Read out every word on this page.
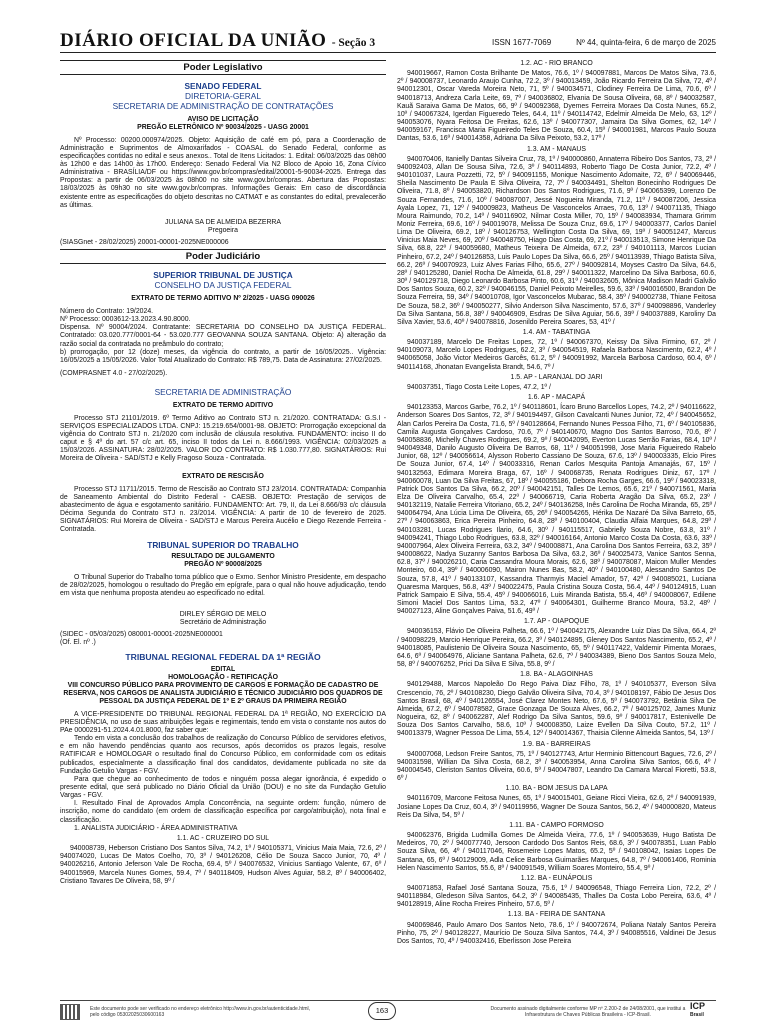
DIÁRIO OFICIAL DA UNIÃO - Seção 3	ISSN 1677-7069	Nº 44, quinta-feira, 6 de março de 2025
Poder Legislativo
SENADO FEDERAL
DIRETORIA-GERAL
SECRETARIA DE ADMINISTRAÇÃO DE CONTRATAÇÕES
AVISO DE LICITAÇÃO
PREGÃO ELETRÔNICO Nº 90034/2025 - UASG 20001

Nº Processo: 00200.000974/2025. Objeto: Aquisição de café em pó, para a Coordenação de Administração e Suprimentos de Almoxarifados - COASAL do Senado Federal, conforme as especificações contidas no edital e seus anexos.. Total de Itens Licitados: 1. Edital: 06/03/2025 das 08h00 às 12h00 e das 14h00 às 17h00. Endereço: Senado Federal Via N2 Bloco de Apoio 16, Zona Cívico Administrativa - BRASÍLIA/DF ou https://www.gov.br/compras/edital/20001-5-90034-2025. Entrega das Propostas: a partir de 06/03/2025 às 08h00 no site www.gov.br/compras. Abertura das Propostas: 18/03/2025 às 09h30 no site www.gov.br/compras. Informações Gerais: Em caso de discordância existente entre as especificações do objeto descritas no CATMAT e as constantes do edital, prevalecerão as últimas.

JULIANA SA DE ALMEIDA BEZERRA
Pregoeira

(SIASGnet - 28/02/2025) 20001-00001-2025NE000006

Poder Judiciário
SUPERIOR TRIBUNAL DE JUSTIÇA
CONSELHO DA JUSTIÇA FEDERAL
EXTRATO DE TERMO ADITIVO Nº 2/2025 - UASG 090026

Número do Contrato: 19/2024.
Nº Processo: 0003612-13.2023.4.90.8000.
Dispensa. Nº 90004/2024. Contratante: SECRETARIA DO CONSELHO DA JUSTIÇA FEDERAL. Contratado: 03.020.777/0001-64 - 53.020.777 GEOVANNA SOUZA SANTANA. Objeto: A) alteração da razão social da contratada no preâmbulo do contrato;
b) prorrogação, por 12 (doze) meses, da vigência do contrato, a partir de 16/05/2025.. Vigência: 16/05/2025 a 15/05/2026. Valor Total Atualizado do Contrato: R$ 789,75. Data de Assinatura: 27/02/2025.

(COMPRASNET 4.0 - 27/02/2025).

SECRETARIA DE ADMINISTRAÇÃO
EXTRATO DE TERMO ADITIVO

Processo STJ 21101/2019. 6º Termo Aditivo ao Contrato STJ n. 21/2020. CONTRATADA: G.S.I - SERVIÇOS ESPECIALIZADOS LTDA. CNPJ: 15.219.654/0001-98. OBJETO: Prorrogação excepcional da vigência do Contrato STJ n. 21/2020 com inclusão de cláusula resolutiva. FUNDAMENTO: inciso II do caput e § 4º do art. 57 c/c art. 65, inciso II todos da Lei n. 8.666/1993. VIGÊNCIA: 02/03/2025 a 15/03/2026. ASSINATURA: 28/02/2025. VALOR DO CONTRATO: R$ 1.030.777,80. SIGNATÁRIOS: Rui Moreira de Oliveira - SAD/STJ e Kelly Fragoso Souza - Contratada.

EXTRATO DE RESCISÃO

Processo STJ 11711/2015. Termo de Rescisão ao Contrato STJ 23/2014. CONTRATADA: Companhia de Saneamento Ambiental do Distrito Federal - CAESB. OBJETO: Prestação de serviços de abastecimento de água e esgotamento sanitário. FUNDAMENTO: Art. 79, II, da Lei 8.666/93 c/c cláusula Décima Segunda do Contrato STJ n. 23/2014. VIGÊNCIA: A partir de 10 de fevereiro de 2025. SIGNATÁRIOS: Rui Moreira de Oliveira - SAD/STJ e Marcus Pereira Aucélio e Diego Rezende Ferreira - Contratada.

TRIBUNAL SUPERIOR DO TRABALHO
RESULTADO DE JULGAMENTO
PREGÃO Nº 90008/2025

O Tribunal Superior do Trabalho torna público que o Exmo. Senhor Ministro Presidente, em despacho de 28/02/2025, homologou o resultado do Pregão em epígrafe, para o qual não houve adjudicação, tendo em vista que nenhuma proposta atendeu ao especificado no edital.

DIRLEY SÉRGIO DE MELO
Secretário de Administração

(SIDEC - 05/03/2025) 080001-00001-2025NE000001
(Of. El. nº .)

TRIBUNAL REGIONAL FEDERAL DA 1ª REGIÃO
EDITAL
HOMOLOGAÇÃO - RETIFICAÇÃO
VIII CONCURSO PÚBLICO PARA PROVIMENTO DE CARGOS E FORMAÇÃO DE CADASTRO DE RESERVA, NOS CARGOS DE ANALISTA JUDICIÁRIO E TÉCNICO JUDICIÁRIO DOS QUADROS DE PESSOAL DA JUSTIÇA FEDERAL DE 1º E 2º GRAUS DA PRIMEIRA REGIÃO

A VICE-PRESIDENTE DO TRIBUNAL REGIONAL FEDERAL DA 1ª REGIÃO, NO EXERCÍCIO DA PRESIDÊNCIA, no uso de suas atribuições legais e regimentais, tendo em vista o constante nos autos do PAe 0000291-51.2024.4.01.8000, faz saber que:

Tendo em vista a conclusão dos trabalhos de realização do Concurso Público de servidores efetivos, e em não havendo pendências quanto aos recursos, após decorridos os prazos legais, resolve RATIFICAR e HOMOLOGAR o resultado final do Concurso Público, em conformidade com os editais publicados, especialmente a classificação final dos candidatos, devidamente publicada no site da Fundação Getulio Vargas - FGV.

Para que chegue ao conhecimento de todos e ninguém possa alegar ignorância, é expedido o presente edital, que será publicado no Diário Oficial da União (DOU) e no site da Fundação Getulio Vargas - FGV.

I. Resultado Final de Aprovados Ampla Concorrência, na seguinte ordem: função, número de inscrição, nome do candidato (em ordem de classificação específica por cargo/atribuição), nota final e classificação.

1. ANALISTA JUDICIÁRIO - ÁREA ADMINISTRATIVA

1.1. AC - CRUZEIRO DO SUL

940008739, Heberson Cristiano Dos Santos Silva, 74.2, 1º / 940105371, Vinicius Maia Maia, 72.6, 2º / 940074020, Lucas De Matos Coelho, 70, 3º / 940126208, Célio De Souza Sacco Junior, 70, 4º / 940026216, Antonio Jeferson Vale De Rocha, 69.4, 5º / 940076532, Vinicius Santiago Valente, 67, 6º / 940015969, Marcela Nunes Gomes, 59.4, 7º / 940118409, Hudson Alves Aguiar, 58.2, 8º / 940006402, Cristiano Tavares De Oliveira, 58, 9º /

1.2. AC - RIO BRANCO

940019667, Ramon Costa Brilhante De Matos, 76.6, 1º / 940097881, Marcos De Matos Silva, 73.6, 2º / 940008737, Leonardo Araujo Cunha, 72.2, 3º / 940013459, João Ricardo Ferreira Da Silva, 72, 4º / 940012301, Oscar Vareda Moreira Neto, 71, 5º / 940034571, Clodiney Ferreira De Lima, 70.6, 6º / 940018713, Andreza Carla Leite, 69, 7º / 940036802, Elvania De Sousa Oliveira, 68, 8º / 940032587, Kauã Saraiva Gama De Matos, 66, 9º / 940092368, Dyemes Ferreira Moraes Da Costa Nunes, 65.2, 10º / 940067324, Igerdan Figueredo Teles, 64.4, 11º / 940114742, Edelmir Almeida De Melo, 63, 12º / 940053076, Nyara Feitosa De Freitas, 62.6, 13º / 940077307, Jamaira Da Silva Gomes, 62, 14º / 940059167, Francisca Maria Figueiredo Teles De Souza, 60.4, 15º / 940001981, Marcos Paulo Souza Dantas, 53.6, 16º / 940014358, Adriana Da Silva Peixoto, 53.2, 17º /

1.3. AM - MANAUS

940070406, Itanielly Dantas Silveira Cruz, 78, 1º / 940000860, Annaterra Ribeiro Dos Santos, 73, 2º / 940092403, Allan De Sousa Silva, 72.6, 3º / 940114893, Roberto Tiago De Costa Junior, 72.2, 4º / 940101037, Laura Pozzetti, 72, 5º / 940091155, Monique Nascimento Adomaite, 72, 6º / 940069446, Sheila Nascimento De Paula E Silva Oliveira, 72, 7º / 940034491, Shelton Bonecinho Rodrigues De Oliveira, 71.8, 8º / 940053820, Richardson Dos Santos Rodrigues, 71.6, 9º / 940065399, Lorenzo De Souza Fernandes, 71.6, 10º / 940087007, Jessé Nogueira Miranda, 71.2, 11º / 940087206, Jessica Ayala Lopez, 71, 12º / 940009823, Matheus De Vasconcelos Arraes, 70.6, 13º / 940071135, Thiago Moura Raimundo, 70.2, 14º / 940116902, Nilmar Costa Miller, 70, 15º / 940083934, Thamara Grimm Moniz Ferreira, 69.6, 16º / 940019078, Melissa De Souza Cruz, 69.6, 17º / 940003377, Carlos Daniel Lima De Oliveira, 69.2, 18º / 940126753, Wellington Costa Da Silva, 69, 19º / 940051247, Marcus Vinicius Maia Neves, 69, 20º / 940048750, Hiago Dias Costa, 69, 21º / 940013513, Simone Henrique Da Silva, 68.8, 22º / 940059680, Matheus Teixeira De Almeida, 67.2, 23º / 940101113, Marcos Lucian Pinheiro, 67.2, 24º / 940126853, Luis Paulo Lopes Da Silva, 66.6, 25º / 940113939, Thiago Batista Silva, 66.2, 26º / 940070923, Luiz Alves Farias Filho, 65.6, 27º / 940092814, Moyses Castro Da Silva, 64.6, 28º / 940125280, Daniel Rocha De Almeida, 61.8, 29º / 940011322, Marcelino Da Silva Barbosa, 60.6, 30º / 940129718, Diego Leonardo Barbosa Pinto, 60.6, 31º / 940032605, Mônica Madison Madri Galvão Dos Santos Souza, 60.2, 32º / 940046155, Daniel Peixoto Meirelles, 59.6, 33º / 940016500, Brandon De Souza Ferreira, 59, 34º / 940010708, Igor Vasconcelos Mubarac, 58.4, 35º / 940002738, Thiane Feitosa De Souza, 58.2, 36º / 940050277, Silvio Anderson Silva Nascimento, 57.6, 37º / 940098896, Vanderley Da Silva Santana, 56.8, 38º / 940046909, Esdras De Silva Aguiar, 56.6, 39º / 940037889, Karoliny Da Silva Xavier, 53.6, 40º / 940078816, Josenildo Pereira Soares, 53, 41º /

1.4. AM - TABATINGA

940037189, Marcelo De Freitas Lopes, 72, 1º / 940067370, Keissy Da Silva Firmino, 67, 2º / 940109073, Marcelo Lopes Rodrigues, 62.2, 3º / 940054519, Rafaela Barbosa Nascimento, 62.2, 4º / 940065058, João Victor Medeiros Garcês, 61.2, 5º / 940091992, Marcela Barbosa Cardoso, 60.4, 6º / 940114168, Jhonatan Evangelista Brandt, 54.6, 7º /

1.5. AP - LARANJAL DO JARI

940037351, Tiago Costa Leite Lopes, 47.2, 1º /

1.6. AP - MACAPÁ

940123353, Marcos Garbe, 76.2, 1º / 940118601, Ícaro Bruno Barcellos Lopes, 74.2, 2º / 940116622, Anderson Soares Dos Santos, 72, 3º / 940194497, Gilson Cavalcanti Nunes Junior, 72, 4º / 940045652, Alan Carlos Pereira Da Costa, 71.6, 5º / 940128664, Fernando Nunes Pessoa Filho, 71, 6º / 940105836, Camila Augusta Gonçalves Cardoso, 70.6, 7º / 940140670, Magno Dos Santos Barroso, 70.6, 8º / 940058836, Michelly Chaves Rodrigues, 69.2, 9º / 940042095, Everton Lucas Serrão Farias, 68.4, 10º / 940049348, Danilo Augusto Oliveira De Barros, 68, 11º / 940051998, Jose Maria Figueiredo Rabelo Junior, 68, 12º / 940056614, Alysson Roberto Cassiano De Souza, 67.6, 13º / 940003335, Elcio Pires De Souza Junior, 67.4, 14º / 940033316, Renan Carlos Mesquita Pantoja Amanajás, 67, 15º / 940132563, Edimara Moreira Braga, 67, 16º / 940068735, Renata Rodrigues Diniz, 67, 17º / 940060078, Luan Da Silva Freitas, 67, 18º / 940055186, Debora Rocha Garges, 66.6, 19º / 940023318, Patrick Dos Santos Da Silva, 66.2, 20º / 940042151, Talles De Lemos, 65.6, 21º / 940071561, Maria Elza De Oliveira Carvalho, 65.4, 22º / 940066719, Caria Roberta Aragão Da Silva, 65.2, 23º / 940132119, Natalie Ferreira Vitoriano, 65.2, 24º / 940136258, Inês Carolina De Rocha Miranda, 65, 25º / 940064794, Ana Lúcia Lima De Oliveira, 65, 26º / 940054265, Hérika De Nazaré Da Silva Barreto, 65, 27º / 940063863, Erica Pereira Pinheiro, 64.8, 28º / 940100404, Claudia Alfaia Marques, 64.8, 29º / 940103281, Lucas Rodrigues Ilario, 64.6, 30º / 940115517, Gabrielly Souza Nobre, 63.8, 31º / 940094241, Thiago Lobo Rodrigues, 63.8, 32º / 940016164, Antonio Marco Costa Da Costa, 63.6, 33º / 940007964, Alex Oliveira Ferreira, 63.2, 34º / 940008871, Ana Carolina Dos Santos Ferreira, 63.2, 35º / 940008622, Nadya Suzanny Santos Barbosa Da Silva, 63.2, 36º / 940025473, Vanice Santos Senna, 62.8, 37º / 940026210, Caria Cassandra Moura Morais, 62.6, 38º / 940078087, Maicon Muller Mendes Monteiro, 60.4, 39º / 940006090, Mairon Nunes Bas, 58.2, 40º / 940100480, Alessandro Santos De Souza, 57.8, 41º / 940133107, Kassandra Tharmyis Maciel Amador, 57, 42º / 940085021, Luciana Quaresma Marques, 56.8, 43º / 940022475, Paula Cristina Souza Costa, 56.4, 44º / 940124915, Luan Patrick Sampaio E Silva, 55.4, 45º / 940066016, Luis Miranda Batista, 55.4, 46º / 940008067, Edilene Simoni Maciel Dos Santos Lima, 53.2, 47º / 940064301, Guilherme Branco Moura, 53.2, 48º / 940027123, Aline Gonçalves Paiva, 51.6, 49º /

1.7. AP - OIAPOQUE

940036153, Flávio De Oliveira Palheta, 66.6, 1º / 940042175, Alexandre Luiz Dias Da Silva, 66.4, 2º / 940098229, Marcio Henrique Pereira, 66.2, 3º / 940124895, Gleney Dos Santos Nascimento, 65.2, 4º / 940018085, Paulistenio De Oliveira Souza Nascimento, 65, 5º / 940117422, Valdemir Pimenta Moraes, 64.6, 6º / 940064976, Aliciane Santana Palheta, 62.6, 7º / 940034389, Bieno Dos Santos Souza Melo, 58, 8º / 940076252, Prici Da Silva E Silva, 55.8, 9º /

1.8. BA - ALAGOINHAS

940129488, Marcos Napoleão Do Rego Paiva Diaz Filho, 78, 1º / 940105377, Everson Silva Crescencio, 76, 2º / 940108230, Diego Galvão Oliveira Silva, 70.4, 3º / 940108197, Fábio De Jesus Dos Santos Brasil, 68, 4º / 940126554, José Clarez Montes Neto, 67.6, 5º / 940073792, Betânia Silva De Almeida, 67.2, 6º / 940078582, Grace Gonzaga De Souza Alves, 66.2, 7º / 940125702, James Muniz Nogueira, 62, 8º / 940062287, Alef Rodrigo Da Silva Santos, 59.6, 9º / 940017817, Estenivelle De Souza Dos Santos Carvalho, 58.6, 10º / 940008350, Laize Evellen Da Silva Couto, 57.2, 11º / 940013379, Wagner Pessoa De Lima, 55.4, 12º / 940014367, Thaisia Cilenne Almeida Santos, 54, 13º /

1.9. BA - BARREIRAS

940007068, Ledson Freire Santos, 75, 1º / 940127743, Artur Herminio Bittencourt Bagues, 72.6, 2º / 940031598, Willian Da Silva Costa, 68.2, 3º / 940053954, Anna Carolina Silva Santos, 66.6, 4º / 940004545, Cleriston Santos Oliveira, 60.6, 5º / 940047807, Leandro Da Camara Marcal Fioretti, 53.8, 6º /

1.10. BA - BOM JESUS DA LAPA

940116709, Marcone Feitosa Nunes, 65, 1º / 940015401, Geiane Ricci Vieira, 62.6, 2º / 940091939, Josiane Lopes Da Cruz, 60.4, 3º / 940119956, Wagner De Souza Santos, 56.2, 4º / 940000820, Mateus Reis Da Silva, 54, 5º /

1.11. BA - CAMPO FORMOSO

940062376, Brigida Ludmilla Gomes De Almeida Vieira, 77.6, 1º / 940053639, Hugo Batista De Medeiros, 70, 2º / 940077740, Jersoon Cardodo Dos Santos Reis, 68.6, 3º / 940078351, Luan Pablo Souza Silva, 66, 4º / 940117046, Rosemeire Lopes Matos, 65.2, 5º / 940108042, Isaias Lopes De Santana, 65, 6º / 940129009, Adla Celice Barbosa Guimarães Marques, 64.8, 7º / 940061406, Rominia Helen Nascimento Santos, 55.6, 8º / 940091549, William Soares Monteiro, 55.4, 9º /

1.12. BA - EUNÁPOLIS

940071853, Rafael José Santana Souza, 75.6, 1º / 940096548, Thiago Ferreira Lion, 72.2, 2º / 940118984, Gledeson Silva Santos, 64.2, 3º / 940085435, Thalles Da Costa Lobo Pereira, 63.6, 4º / 940128919, Aline Rocha Freires Pinheiro, 57.6, 5º /

1.13. BA - FEIRA DE SANTANA

940069846, Paulo Amaro Dos Santos Neto, 78.6, 1º / 940072674, Poliana Nataly Santos Pereira Pinho, 75, 2º / 940128227, Maurício De Souza Silva Santos, 74.4, 3º / 940085516, Valdinei De Jesus Dos Santos, 70, 4º / 940032416, Eberlisson Jose Pereira

Este documento pode ser verificado no endereço eletrônico http://www.in.gov.br/autenticidade.html, pelo código 05302025030600163
Documento assinado digitalmente conforme MP nº 2.200-2 de 24/08/2001, que institui a Infraestrutura de Chaves Públicas Brasileira - ICP-Brasil.
163	ICP
Brasil
